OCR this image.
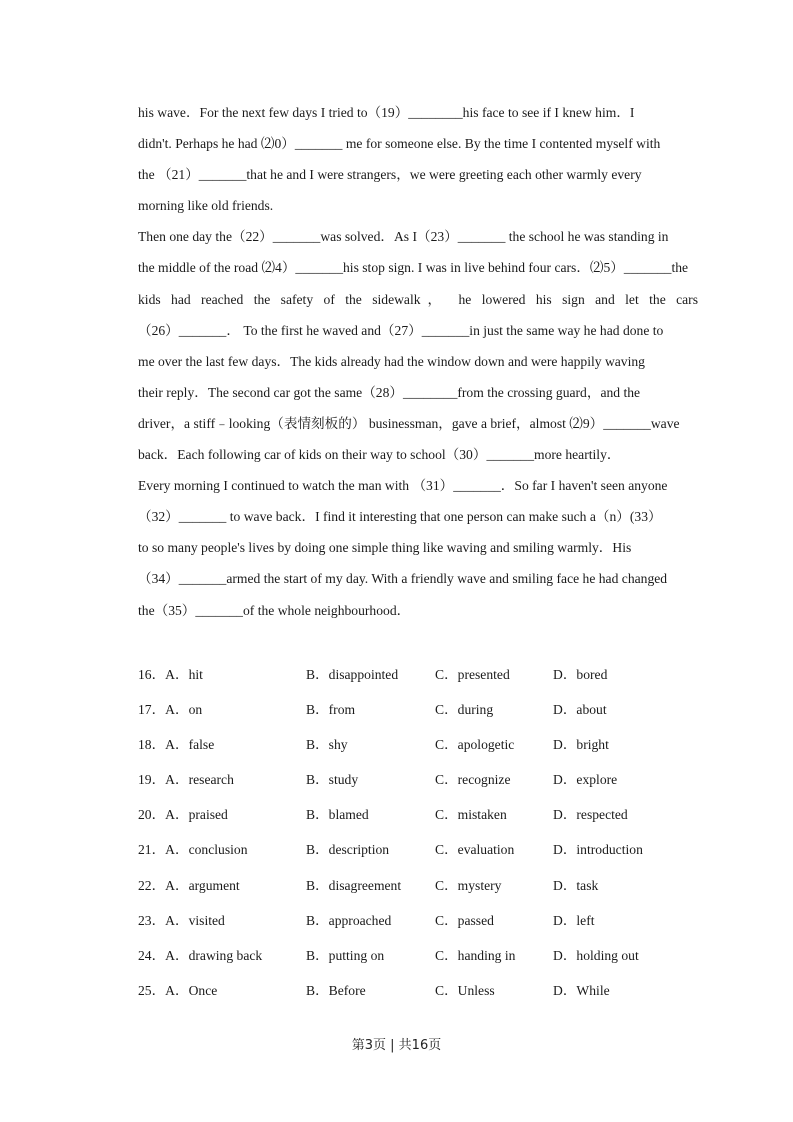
his wave．For the next few days I tried to（19）________his face to see if I knew him．I
didn't. Perhaps he had ⑵0）_______ me for someone else. By the time I contented myself with
the （21）_______that he and I were strangers，we were greeting each other warmly every
morning like old friends.
Then one day the（22）_______was solved．As I（23）_______ the school he was standing in
the middle of the road ⑵4）_______his stop sign. I was in live behind four cars．⑵5）_______the
kids had reached the safety of the sidewalk， he lowered his sign and let the cars
（26）_______． To the first he waved and（27）_______in just the same way he had done to
me over the last few days．The kids already had the window down and were happily waving
their reply．The second car got the same（28）________from the crossing guard，and the
driver，a stiff﹣looking（表情刻板的） businessman，gave a brief，almost ⑵9）_______wave
back．Each following car of kids on their way to school（30）_______more heartily．
Every morning I continued to watch the man with （31）_______．So far I haven't seen anyone
（32）_______ to wave back．I find it interesting that one person can make such a（n）(33）
to so many people's lives by doing one simple thing like waving and smiling warmly．His
（34）_______armed the start of my day. With a friendly wave and smiling face he had changed
the（35）_______of the whole neighbourhood．
16．A．hit	B．disappointed	C．presented	D．bored
17．A．on	B．from	C．during	D．about
18．A．false	B．shy	C．apologetic	D．bright
19．A．research	B．study	C．recognize	D．explore
20．A．praised	B．blamed	C．mistaken	D．respected
21．A．conclusion	B．description	C．evaluation	D．introduction
22．A．argument	B．disagreement C．mystery	D．task
23．A．visited	B．approached	C．passed	D．left
24．A．drawing back	B．putting on	C．handing in	D．holding out
25．A．Once	B．Before	C．Unless	D．While
第3页 | 共16页
